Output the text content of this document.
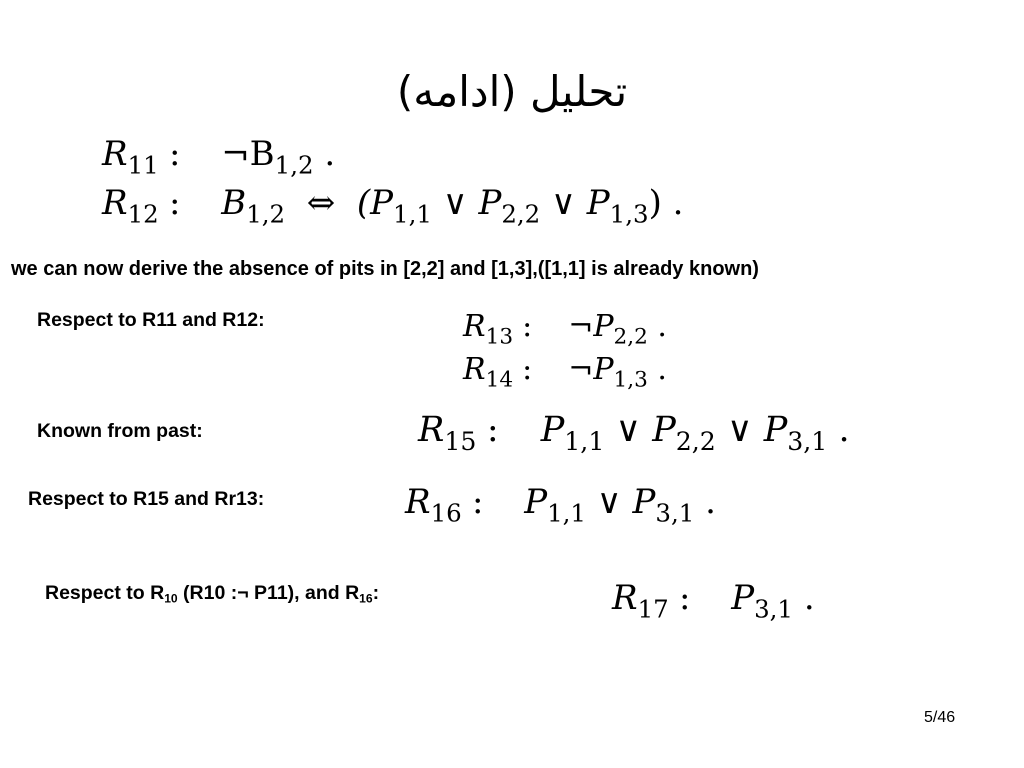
تحلیل (ادامه)
$R_{11}$ : $\neg B_{1,2}$ .
$R_{12}$ : $B_{1,2}$ ⇔ ($P_{1,1}$ ∨ $P_{2,2}$ ∨ $P_{1,3}$) .
we can now derive the absence of pits in [2,2] and [1,3],([1,1] is already known)
Respect to R11 and R12:	$R_{13}$ : $\neg P_{2,2}$ .
$R_{14}$ : $\neg P_{1,3}$ .
Known from past:	$R_{15}$ : $P_{1,1}$ ∨ $P_{2,2}$ ∨ $P_{3,1}$ .
Respect to R15 and Rr13:	$R_{16}$ : $P_{1,1}$ ∨ $P_{3,1}$ .
Respect to $R_{10}$ (R10 :¬ P11), and $R_{16}$:	$R_{17}$ : $P_{3,1}$ .
5/46
